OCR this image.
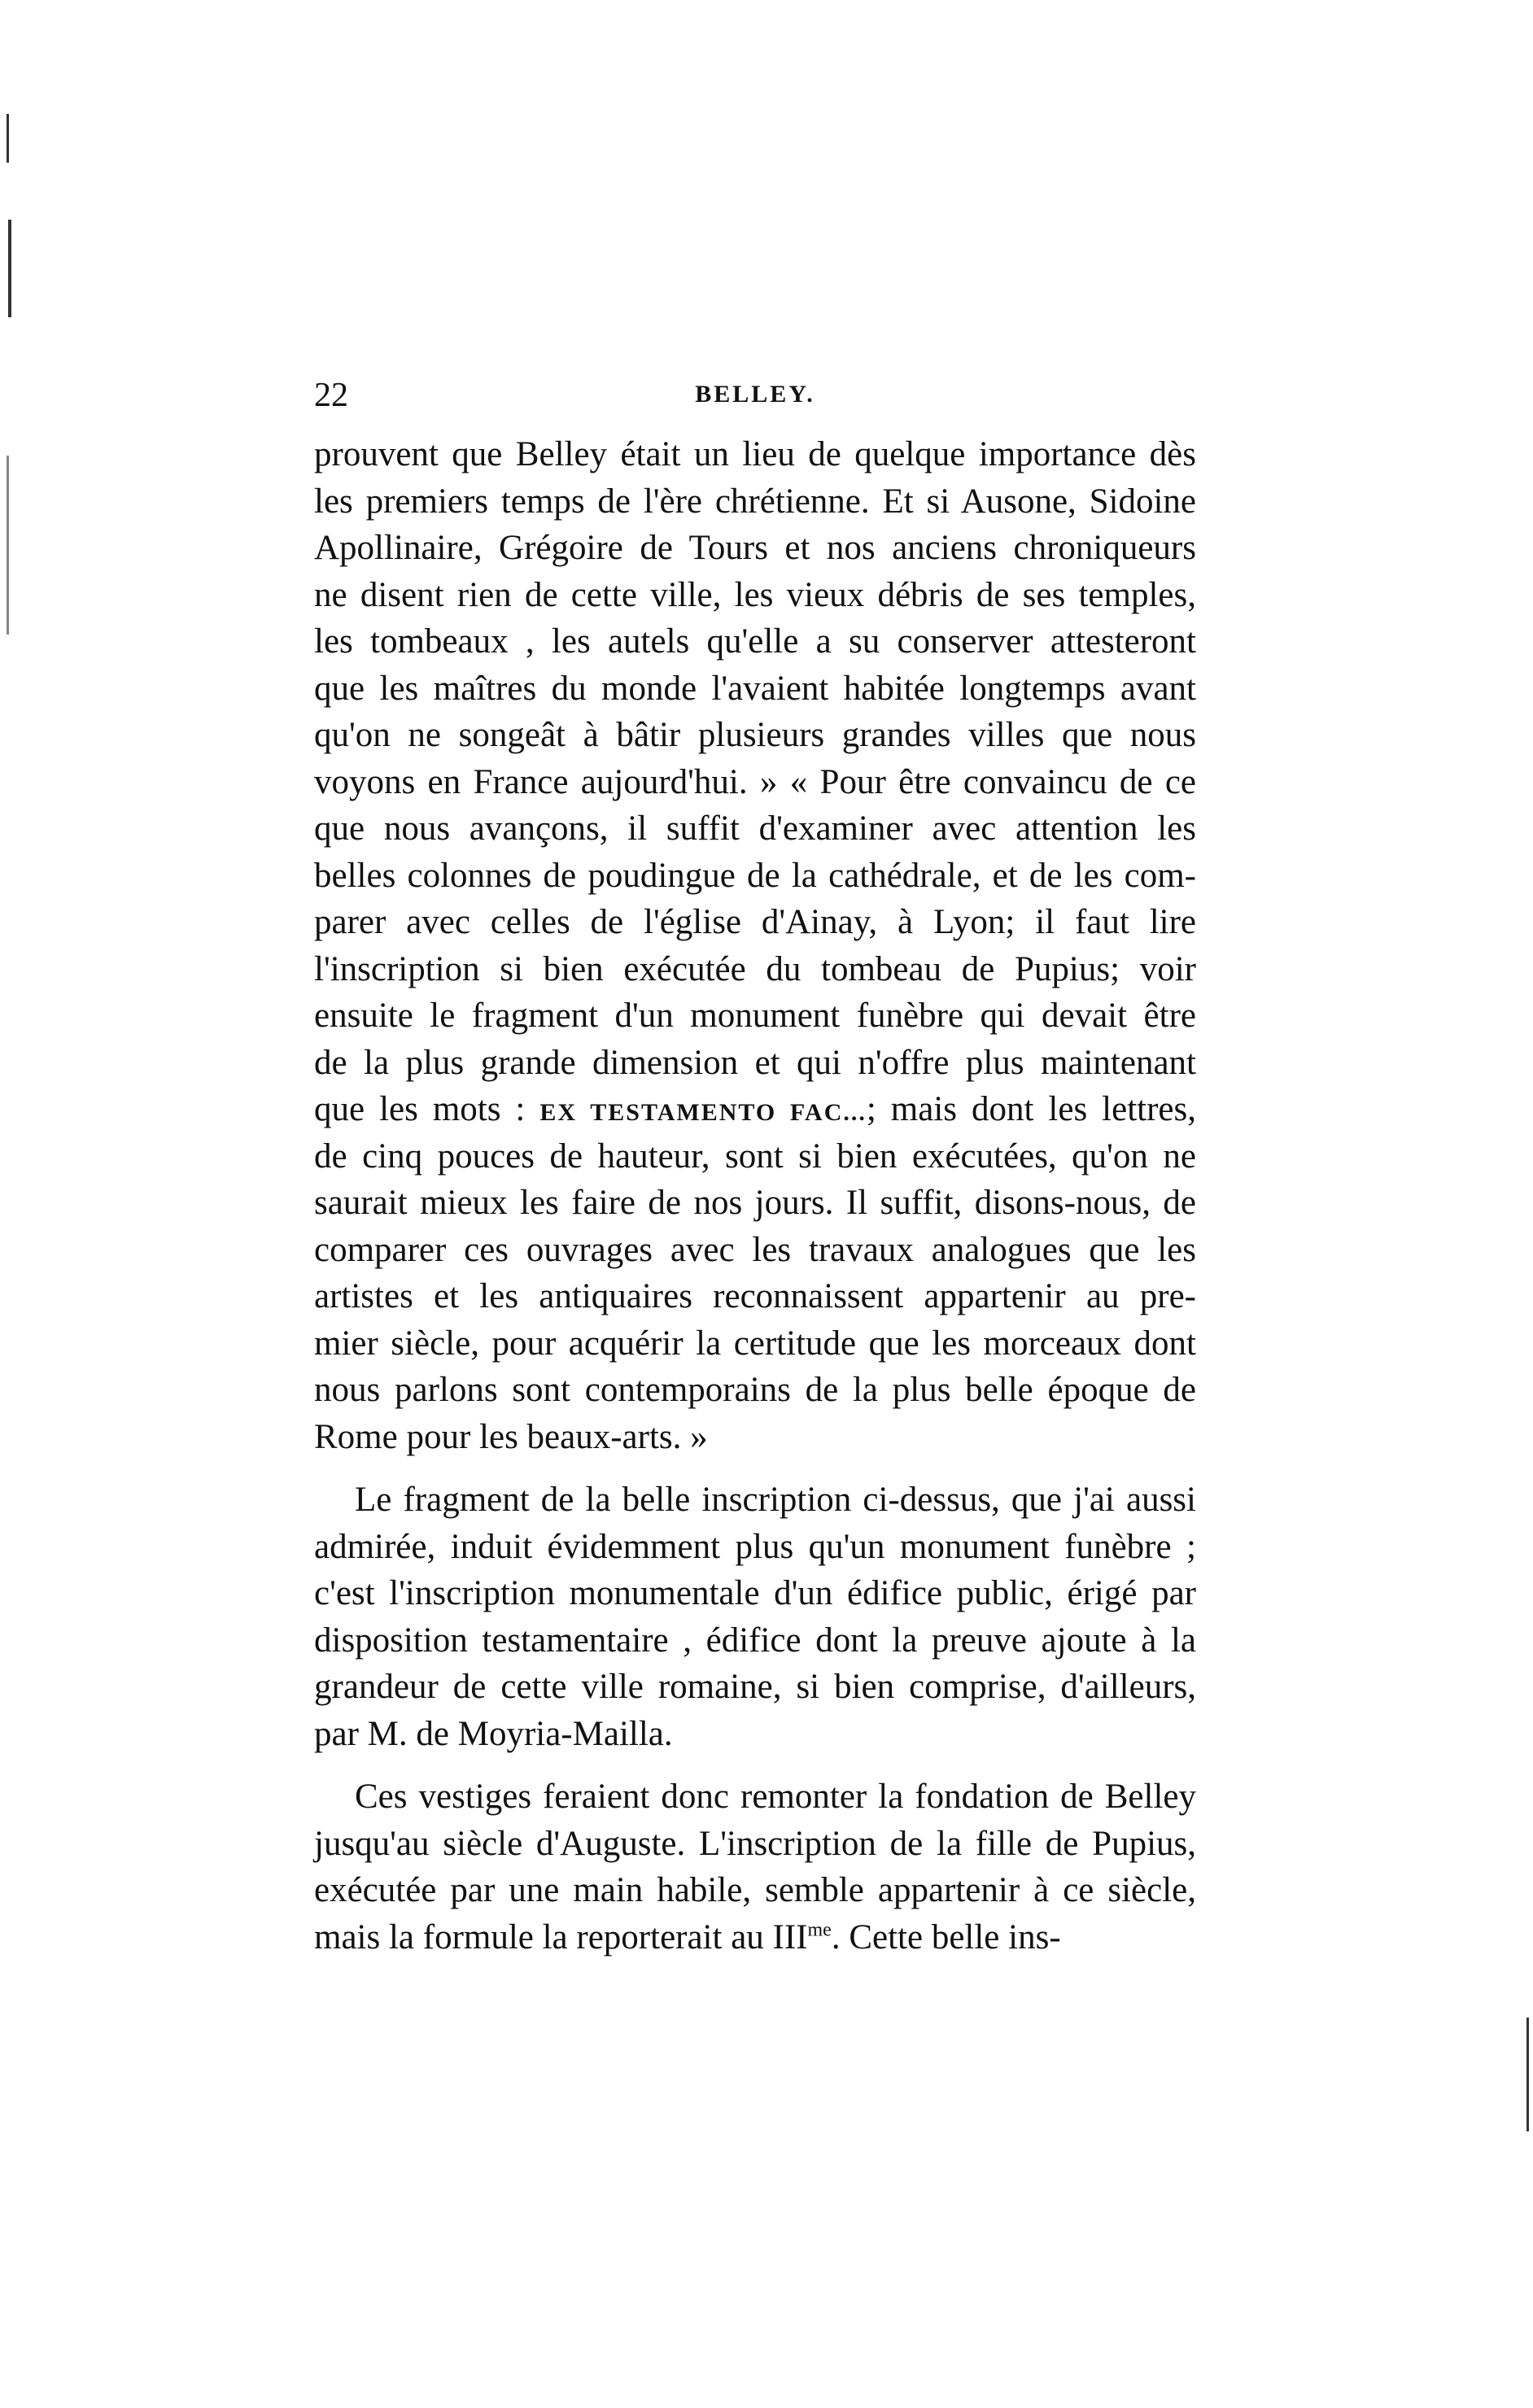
22	BELLEY.
prouvent que Belley était un lieu de quelque importance dès
les premiers temps de l'ère chrétienne. Et si Ausone, Sidoine
Apollinaire, Grégoire de Tours et nos anciens chroniqueurs
ne disent rien de cette ville, les vieux débris de ses temples,
les tombeaux , les autels qu'elle a su conserver attesteront
que les maîtres du monde l'avaient habitée longtemps avant
qu'on ne songeât à bâtir plusieurs grandes villes que nous
voyons en France aujourd'hui. » « Pour être convaincu de ce
que nous avançons, il suffit d'examiner avec attention les
belles colonnes de poudingue de la cathédrale, et de les com-
parer avec celles de l'église d'Ainay, à Lyon; il faut lire
l'inscription si bien exécutée du tombeau de Pupius; voir
ensuite le fragment d'un monument funèbre qui devait être
de la plus grande dimension et qui n'offre plus maintenant
que les mots : EX TESTAMENTO FAC...; mais dont les lettres,
de cinq pouces de hauteur, sont si bien exécutées, qu'on ne
saurait mieux les faire de nos jours. Il suffit, disons-nous, de
comparer ces ouvrages avec les travaux analogues que les
artistes et les antiquaires reconnaissent appartenir au pre-
mier siècle, pour acquérir la certitude que les morceaux dont
nous parlons sont contemporains de la plus belle époque de
Rome pour les beaux-arts. »
Le fragment de la belle inscription ci-dessus, que j'ai aussi
admirée, induit évidemment plus qu'un monument funèbre ;
c'est l'inscription monumentale d'un édifice public, érigé par
disposition testamentaire , édifice dont la preuve ajoute à la
grandeur de cette ville romaine, si bien comprise, d'ailleurs,
par M. de Moyria-Mailla.
Ces vestiges feraient donc remonter la fondation de Belley
jusqu'au siècle d'Auguste. L'inscription de la fille de Pupius,
exécutée par une main habile, semble appartenir à ce siècle,
mais la formule la reporterait au $III^{me}$. Cette belle ins-
